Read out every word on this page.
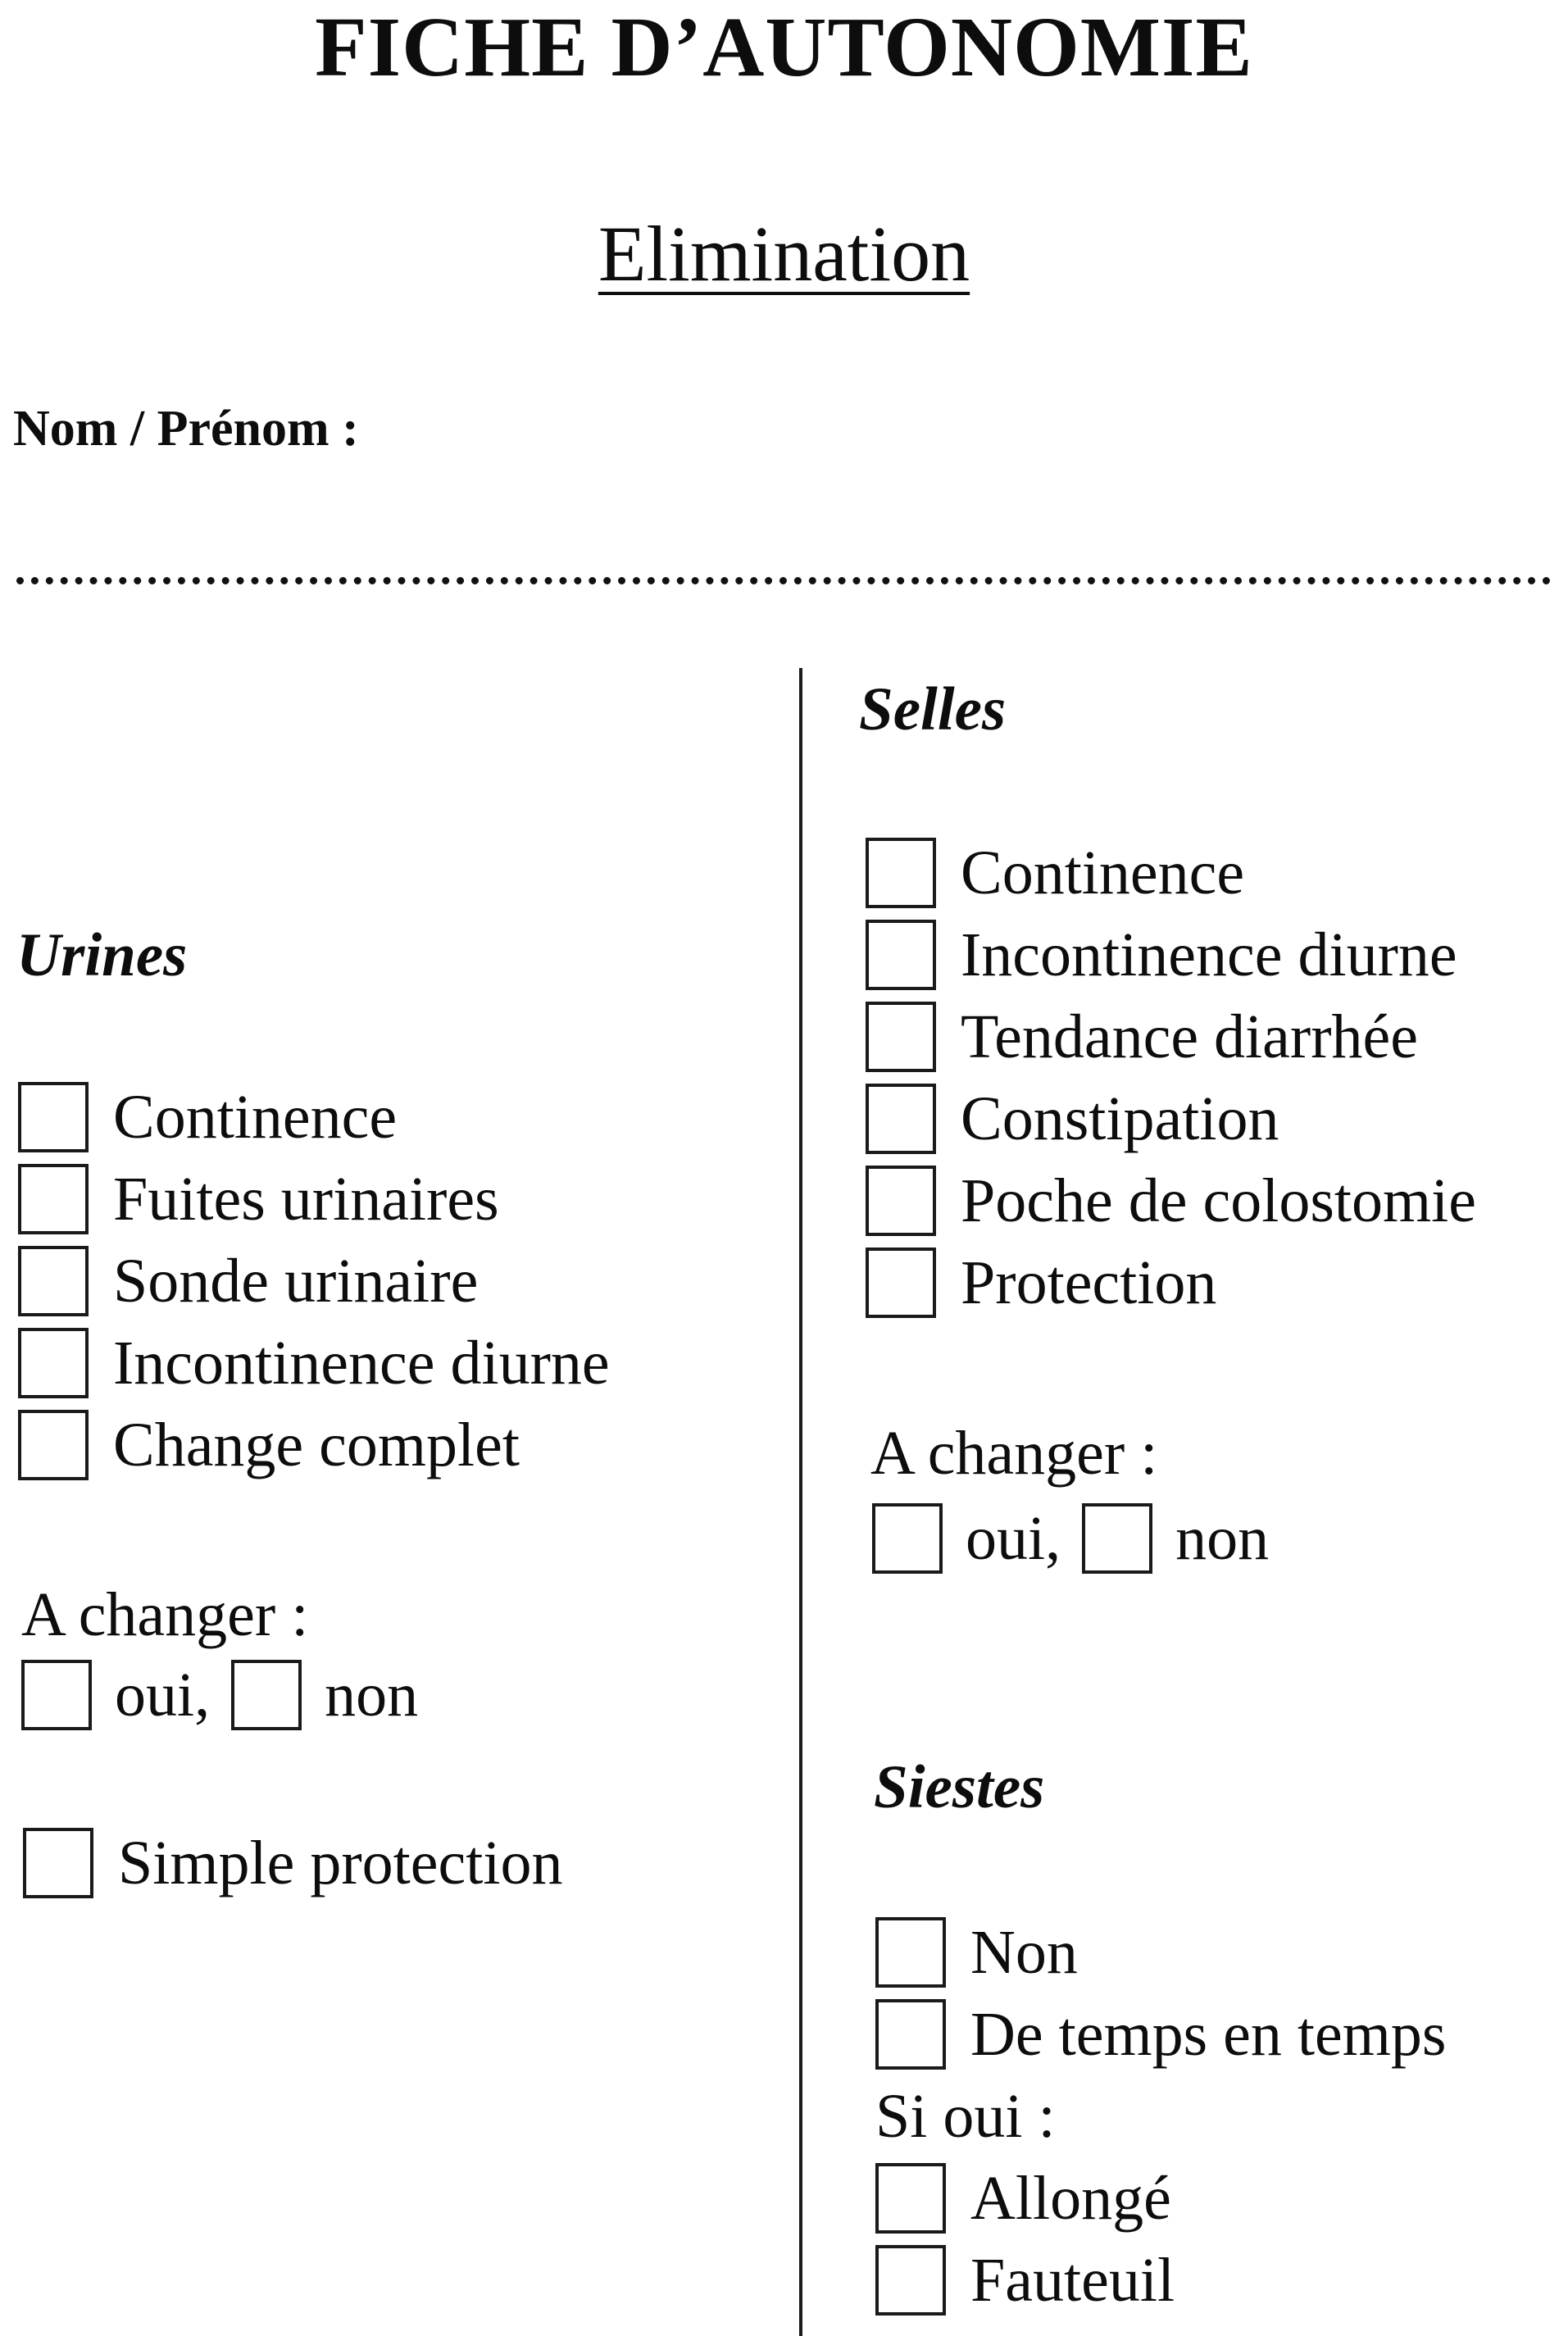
FICHE D’AUTONOMIE
Elimination
Nom / Prénom :
Urines
Continence
Fuites urinaires
Sonde urinaire
Incontinence diurne
Change complet
A changer :
oui, non
Simple protection
Selles
Continence
Incontinence diurne
Tendance diarrhée
Constipation
Poche de colostomie
Protection
A changer :
oui, non
Siestes
Non
De temps en temps
Si oui :
Allongé
Fauteuil
